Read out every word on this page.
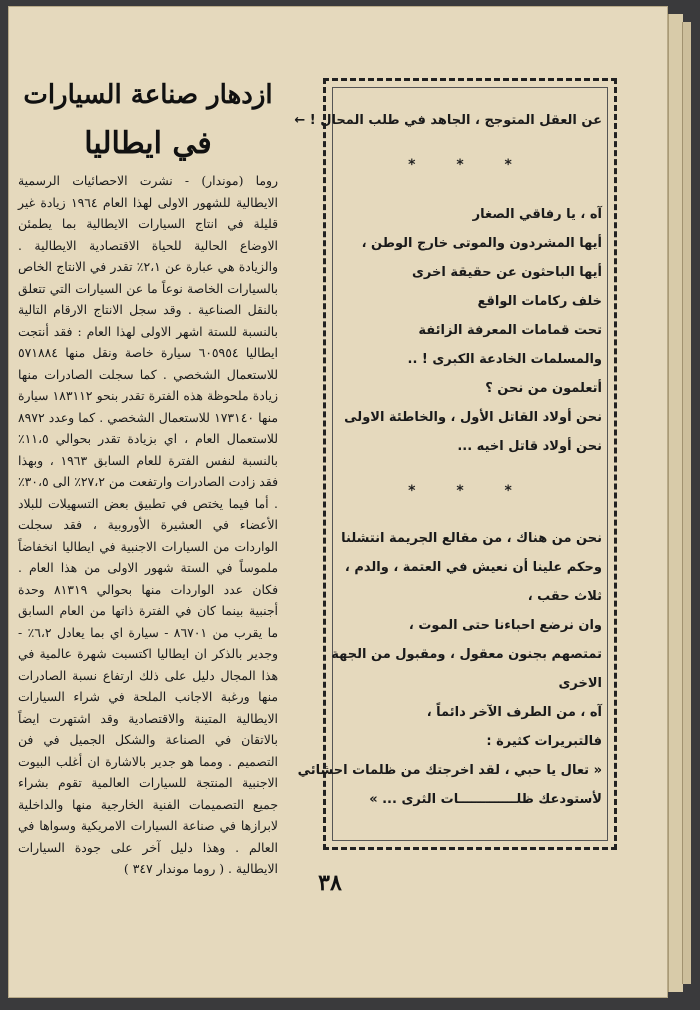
ازدهار صناعة السيارات
في ايطاليا

روما (موندار) - نشرت الاحصائيات الرسمية الايطالية للشهور الاولى لهذا العام ١٩٦٤ زيادة غير قليلة في انتاج السيارات الايطالية بما يطمئن الاوضاع الحالية للحياة الاقتصادية الايطالية . والزيادة هي عبارة عن ٢،١٪ تقدر في الانتاج الخاص بالسيارات الخاصة نوعاً ما عن السيارات التي تتعلق بالنقل الصناعية . وقد سجل الانتاج الارقام التالية بالنسبة للستة اشهر الاولى لهذا العام : فقد أنتجت ايطاليا ٦٠٥٩٥٤ سيارة خاصة ونقل منها ٥٧١٨٨٤ للاستعمال الشخصي . كما سجلت الصادرات منها زيادة ملحوظة هذه الفترة تقدر بنحو ١٨٣١١٢ سيارة منها ١٧٣١٤٠ للاستعمال الشخصي . كما وعدد ٨٩٧٢ للاستعمال العام ، اي بزيادة تقدر بحوالي ١١،٥٪ بالنسبة لنفس الفترة للعام السابق ١٩٦٣ ، وبهذا فقد زادت الصادرات وارتفعت من ٢٧،٢٪ الى ٣٠،٥٪ . أما فيما يختص في تطبيق بعض التسهيلات للبلاد الأعضاء في العشيرة الأوروبية ، فقد سجلت الواردات من السيارات الاجنبية في ايطاليا انخفاضاً ملموساً في الستة شهور الاولى من هذا العام . فكان عدد الواردات منها بحوالي ٨١٣١٩ وحدة أجنبية بينما كان في الفترة ذاتها من العام السابق ما يقرب من ٨٦٧٠١ - سيارة اي بما يعادل ٦،٢٪ - وجدير بالذكر ان ايطاليا اكتسبت شهرة عالمية في هذا المجال دليل على ذلك ارتفاع نسبة الصادرات منها ورغبة الاجانب الملحة في شراء السيارات الايطالية المتينة والاقتصادية وقد اشتهرت ايضاً بالاتقان في الصناعة والشكل الجميل في فن التصميم . ومما هو جدير بالاشارة ان أغلب البيوت الاجنبية المنتجة للسيارات العالمية تقوم بشراء جميع التصميمات الفنية الخارجية منها والداخلية لابرازها في صناعة السيارات الامريكية وسواها في العالم . وهذا دليل آخر على جودة السيارات الايطالية . ( روما موندار ٣٤٧ )

عن العقل المتوجج ، الجاهد في طلب المحال ! ←
* * *
آه ، يا رفاقي الصغار
أيها المشردون والموتى خارج الوطن ،
أيها الباحثون عن حقيقة اخرى
خلف ركامات الواقع
تحت قمامات المعرفة الزائفة
والمسلمات الخادعة الكبرى ! ..
أتعلمون من نحن ؟
نحن أولاد القاتل الأول ، والخاطئة الاولى
نحن أولاد قاتل اخيه ...
* * *
نحن من هناك ، من مقالع الجريمة انتشلنا
وحكم علينا أن نعيش في العتمة ، والدم ،
ثلاث حقب ،
وان نرضع احباءنا حتى الموت ،
تمتصهم بجنون معقول ، ومقبول من الجهة
الاخرى
آه ، من الطرف الآخر دائماً ،
فالتبريرات كثيرة :
« تعال يا حبي ، لقد اخرجتك من ظلمات احشائي
لأستودعك ظلـــــــــــــات الثرى ... »
٣٨
